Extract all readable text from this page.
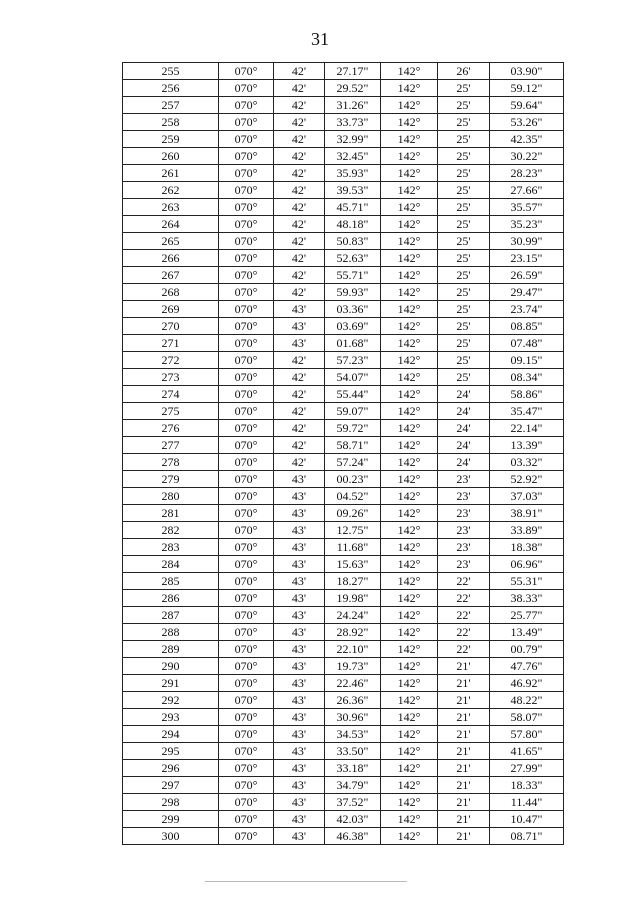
31
255	070°	42'	27.17"	142°	26'	03.90"
256	070°	42'	29.52"	142°	25'	59.12"
257	070°	42'	31.26"	142°	25'	59.64"
258	070°	42'	33.73"	142°	25'	53.26"
259	070°	42'	32.99"	142°	25'	42.35"
260	070°	42'	32.45"	142°	25'	30.22"
261	070°	42'	35.93"	142°	25'	28.23"
262	070°	42'	39.53"	142°	25'	27.66"
263	070°	42'	45.71"	142°	25'	35.57"
264	070°	42'	48.18"	142°	25'	35.23"
265	070°	42'	50.83"	142°	25'	30.99"
266	070°	42'	52.63"	142°	25'	23.15"
267	070°	42'	55.71"	142°	25'	26.59"
268	070°	42'	59.93"	142°	25'	29.47"
269	070°	43'	03.36"	142°	25'	23.74"
270	070°	43'	03.69"	142°	25'	08.85"
271	070°	43'	01.68"	142°	25'	07.48"
272	070°	42'	57.23"	142°	25'	09.15"
273	070°	42'	54.07"	142°	25'	08.34"
274	070°	42'	55.44"	142°	24'	58.86"
275	070°	42'	59.07"	142°	24'	35.47"
276	070°	42'	59.72"	142°	24'	22.14"
277	070°	42'	58.71"	142°	24'	13.39"
278	070°	42'	57.24"	142°	24'	03.32"
279	070°	43'	00.23"	142°	23'	52.92"
280	070°	43'	04.52"	142°	23'	37.03"
281	070°	43'	09.26"	142°	23'	38.91"
282	070°	43'	12.75"	142°	23'	33.89"
283	070°	43'	11.68"	142°	23'	18.38"
284	070°	43'	15.63"	142°	23'	06.96"
285	070°	43'	18.27"	142°	22'	55.31"
286	070°	43'	19.98"	142°	22'	38.33"
287	070°	43'	24.24"	142°	22'	25.77"
288	070°	43'	28.92"	142°	22'	13.49"
289	070°	43'	22.10"	142°	22'	00.79"
290	070°	43'	19.73"	142°	21'	47.76"
291	070°	43'	22.46"	142°	21'	46.92"
292	070°	43'	26.36"	142°	21'	48.22"
293	070°	43'	30.96"	142°	21'	58.07"
294	070°	43'	34.53"	142°	21'	57.80"
295	070°	43'	33.50"	142°	21'	41.65"
296	070°	43'	33.18"	142°	21'	27.99"
297	070°	43'	34.79"	142°	21'	18.33"
298	070°	43'	37.52"	142°	21'	11.44"
299	070°	43'	42.03"	142°	21'	10.47"
300	070°	43'	46.38"	142°	21'	08.71"
